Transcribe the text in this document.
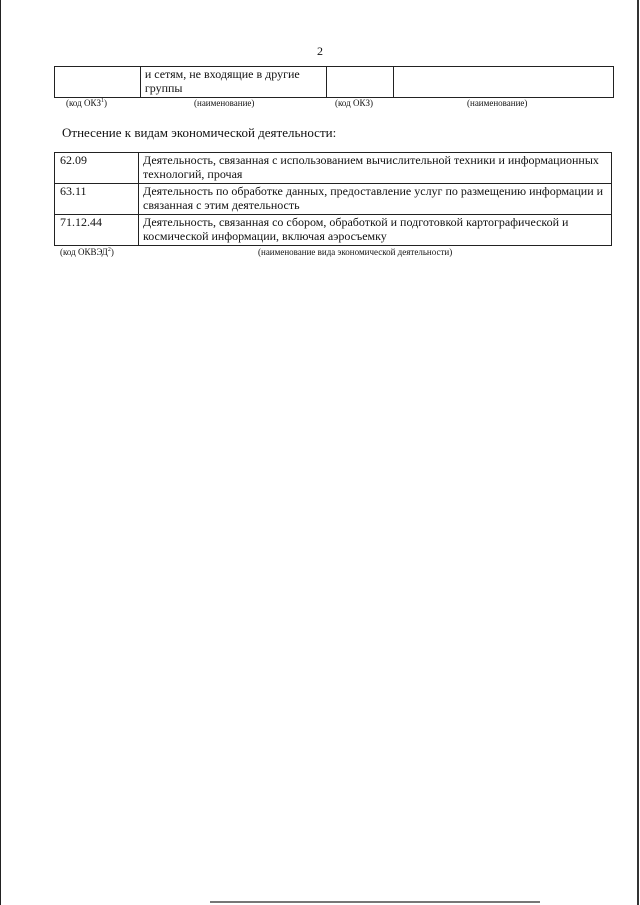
2
	и сетям, не входящие в другие группы		
(код ОКЗ$^1$)	(наименование)	(код ОКЗ)	(наименование)
Отнесение к видам экономической деятельности:
62.09	Деятельность, связанная с использованием вычислительной техники и информационных технологий, прочая
63.11	Деятельность по обработке данных, предоставление услуг по размещению информации и связанная с этим деятельность
71.12.44	Деятельность, связанная со сбором, обработкой и подготовкой картографической и космической информации, включая аэросъемку
(код ОКВЭД$^2$)	(наименование вида экономической деятельности)
